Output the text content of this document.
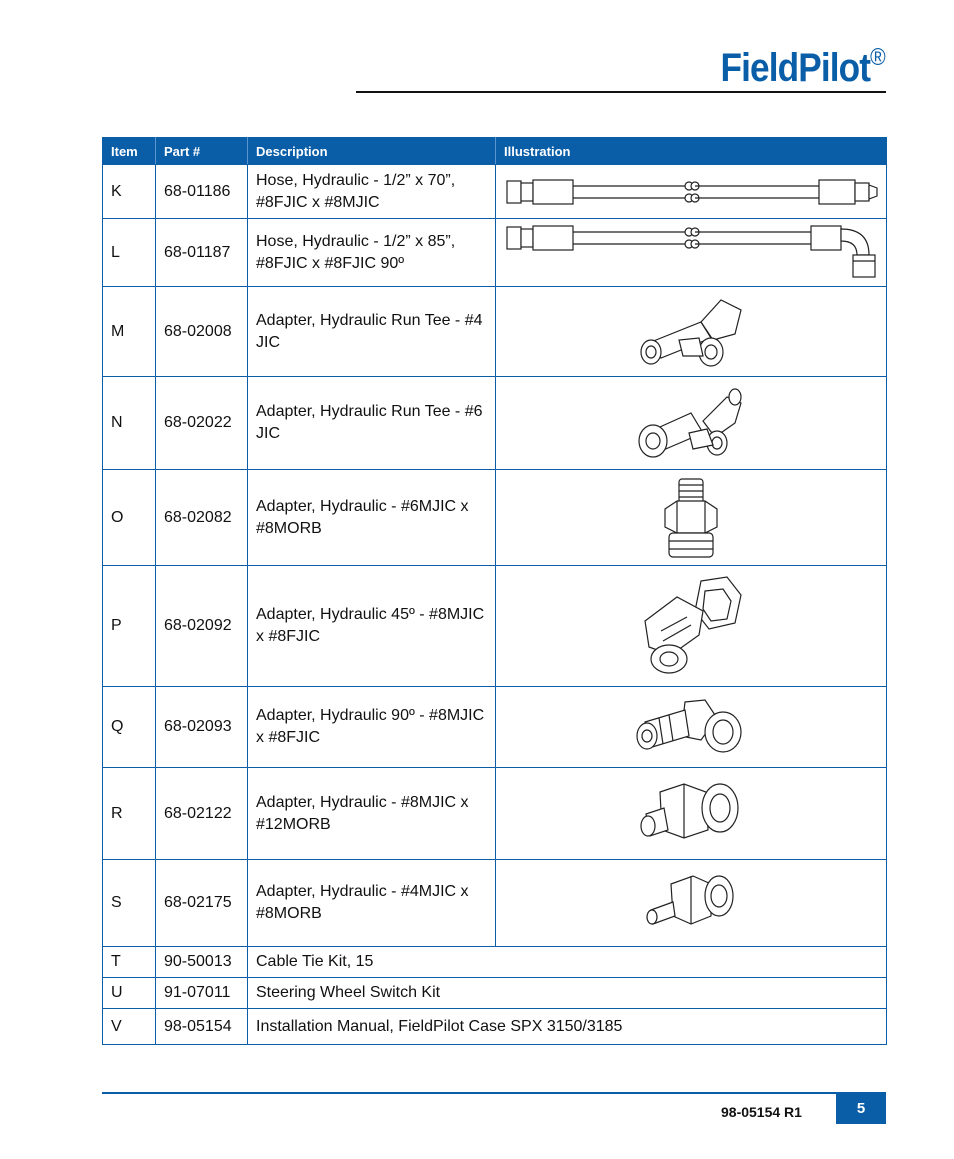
FieldPilot®
Item	Part #	Description	Illustration
K	68-01186	Hose, Hydraulic - 1/2” x 70”,
#8FJIC x #8MJIC	

L	68-01187	Hose, Hydraulic - 1/2” x 85”,
#8FJIC x #8FJIC 90º	

M	68-02008	Adapter, Hydraulic Run Tee - #4
JIC	

N	68-02022	Adapter, Hydraulic Run Tee - #6
JIC	

O	68-02082	Adapter, Hydraulic - #6MJIC x
#8MORB	

P	68-02092	Adapter, Hydraulic 45º - #8MJIC
x #8FJIC	

Q	68-02093	Adapter, Hydraulic 90º - #8MJIC
x #8FJIC	

R	68-02122	Adapter, Hydraulic - #8MJIC x
#12MORB	

S	68-02175	Adapter, Hydraulic - #4MJIC x
#8MORB	

T	90-50013	Cable Tie Kit, 15	
U	91-07011	Steering Wheel Switch Kit	
V	98-05154	Installation Manual, FieldPilot Case SPX 3150/3185	
98-05154 R1	5
